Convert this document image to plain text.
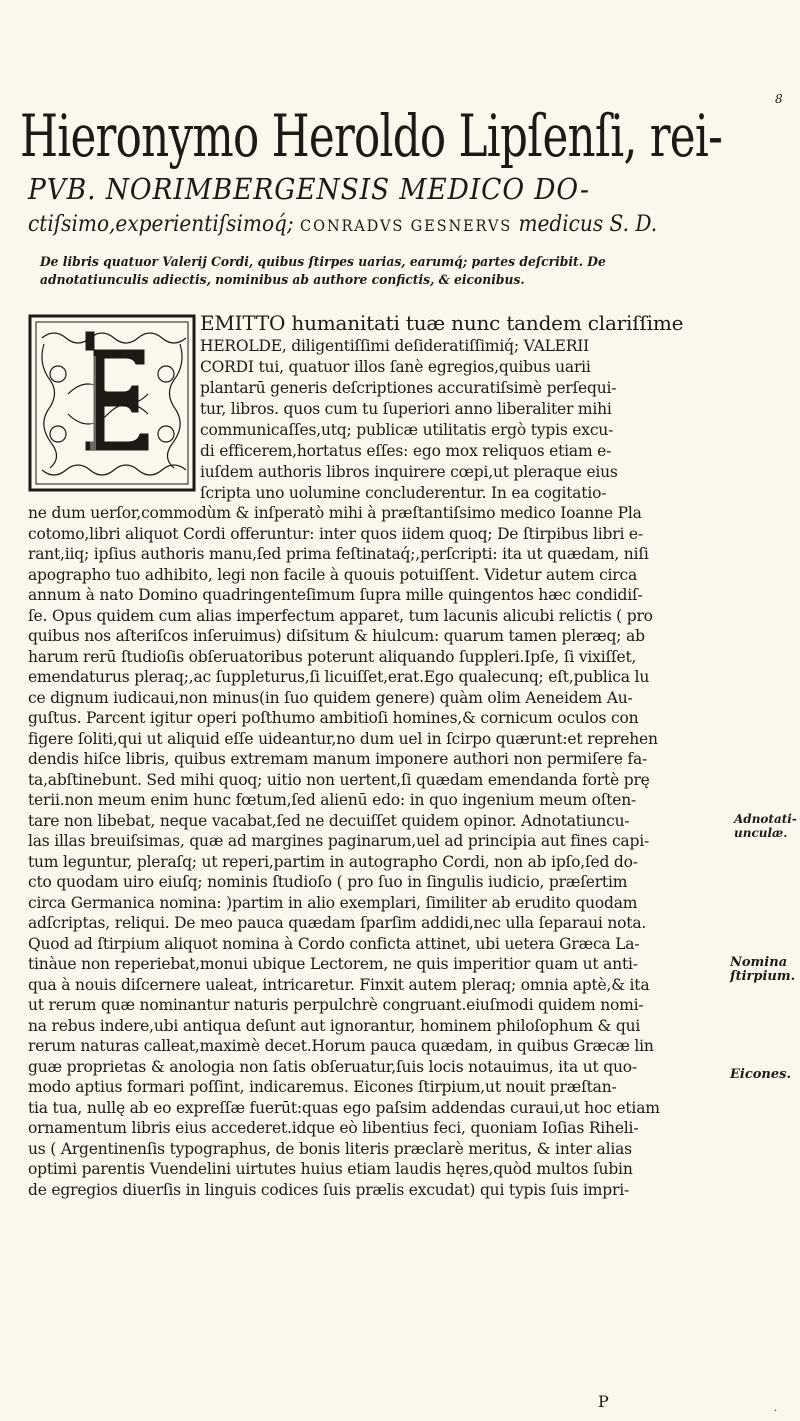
8
Hieronymo Heroldo Lipſenſi, rei-
PVB. NORIMBERGENSIS MEDICO DO-
ctiſsimo,experientiſsimoq́; CONRADVS GESNERVS medicus S. D.
De libris quatuor Valerij Cordi, quibus ſtirpes uarias, earumq́; partes deſcribit. De
adnotatiunculis adiectis, nominibus ab authore confictis, & eiconibus.
EMITTO humanitati tuæ nunc tandem clariſſime
HEROLDE, diligentiſſimi deſideratiſſimiq́; VALERII
CORDI tui, quatuor illos ſanè egregios,quibus uarii
plantarū generis deſcriptiones accuratiſsimè perſequi-
tur, libros. quos cum tu ſuperiori anno liberaliter mihi
communicaſſes,utq; publicæ utilitatis ergò typis excu-
di efficerem,hortatus eſſes: ego mox reliquos etiam e-
iuſdem authoris libros inquirere cœpi,ut pleraque eius
ſcripta uno uolumine concluderentur. In ea cogitatio-
ne dum uerſor,commodùm & inſperatò mihi à præſtantiſsimo medico Ioanne Pla
cotomo,libri aliquot Cordi offeruntur: inter quos iidem quoq; De ſtirpibus libri e-
rant,iiq; ipſius authoris manu,ſed prima feſtinataq́;,perſcripti: ita ut quædam, niſi
apographo tuo adhibito, legi non facile à quouis potuiſſent. Videtur autem circa
annum à nato Domino quadringenteſimum ſupra mille quingentos hæc condidiſ-
ſe. Opus quidem cum alias imperfectum apparet, tum lacunis alicubi relictis ( pro
quibus nos aſteriſcos inſeruimus) diſsitum & hiulcum: quarum tamen pleræq; ab
harum rerū ſtudioſis obſeruatoribus poterunt aliquando ſuppleri.Ipſe, ſi vixiſſet,
emendaturus pleraq;,ac ſuppleturus,ſi licuiſſet,erat.Ego qualecunq; eſt,publica lu
ce dignum iudicaui,non minus(in ſuo quidem genere) quàm olim Aeneidem Au-
guſtus. Parcent igitur operi poſthumo ambitioſi homines,& cornicum oculos con
figere ſoliti,qui ut aliquid eſſe uideantur,no dum uel in ſcirpo quærunt:et reprehen
dendis hiſce libris, quibus extremam manum imponere authori non permiſere fa-
ta,abſtinebunt. Sed mihi quoq; uitio non uertent,ſi quædam emendanda fortè prę
terii.non meum enim hunc fœtum,ſed alienū edo: in quo ingenium meum oſten-
tare non libebat, neque vacabat,ſed ne decuiſſet quidem opinor. Adnotatiuncu-
las illas breuiſsimas, quæ ad margines paginarum,uel ad principia aut fines capi-
tum leguntur, pleraſq; ut reperi,partim in autographo Cordi, non ab ipſo,ſed do-
cto quodam uiro eiuſq; nominis ſtudioſo ( pro ſuo in ſingulis iudicio, præſertim
circa Germanica nomina: )partim in alio exemplari, ſimiliter ab erudito quodam
adſcriptas, reliqui. De meo pauca quædam ſparſim addidi,nec ulla ſeparaui nota.
Quod ad ſtirpium aliquot nomina à Cordo conficta attinet, ubi uetera Græca La-
tinàue non reperiebat,monui ubique Lectorem, ne quis imperitior quam ut anti-
qua à nouis diſcernere ualeat, intricaretur. Finxit autem pleraq; omnia aptè,& ita
ut rerum quæ nominantur naturis perpulchrè congruant.eiuſmodi quidem nomi-
na rebus indere,ubi antiqua deſunt aut ignorantur, hominem philoſophum & qui
rerum naturas calleat,maximè decet.Horum pauca quædam, in quibus Græcæ lin
guæ proprietas & anologia non ſatis obſeruatur,ſuis locis notauimus, ita ut quo-
modo aptius formari poſſint, indicaremus. Eicones ſtirpium,ut nouit præſtan-
tia tua, nullę ab eo expreſſæ fuerūt:quas ego paſsim addendas curaui,ut hoc etiam
ornamentum libris eius accederet.idque eò libentius feci, quoniam Ioſias Riheli-
us ( Argentinenſis typographus, de bonis literis præclarè meritus, & inter alias
optimi parentis Vuendelini uirtutes huius etiam laudis hęres,quòd multos ſubin
de egregios diuerſis in linguis codices ſuis prælis excudat) qui typis ſuis impri-
Adnotati-
unculæ.
Nomina
ſtirpium.
Eicones.
P
·
